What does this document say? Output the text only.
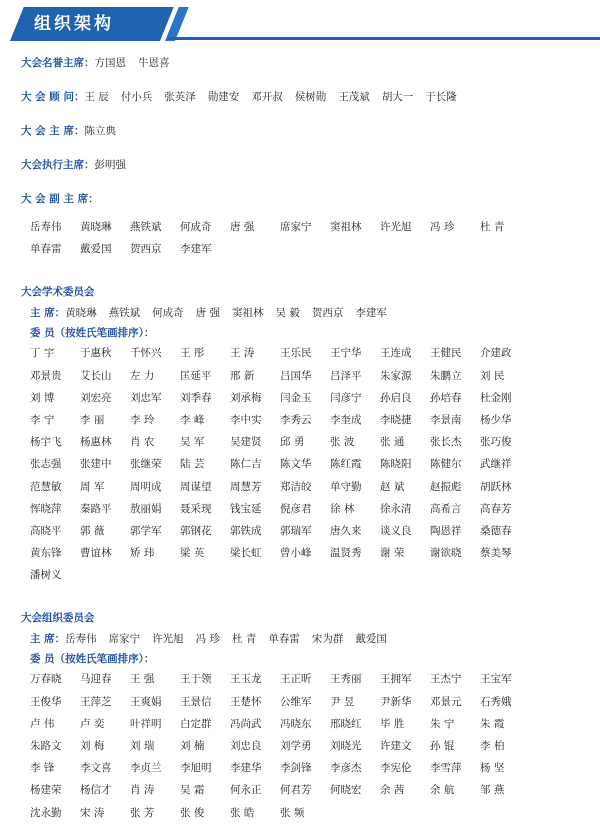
组织架构
大会名誉主席： 方国恩 牛恩喜
大 会 顾 问： 王 辰 付小兵 张英泽 勋建安 邓开叔 侯树勋 王茂斌 胡大一 于长隆
大 会 主 席： 陈立典
大会执行主席： 彭明强
大 会 副 主 席：
岳寿伟	黄晓琳	燕铁斌	何成奇	唐 强	席家宁	窦祖林	许光旭	冯 珍	杜 青
单春雷	戴爱国	贺西京	李建军
大会学术委员会
主 席： 黄晓琳 燕铁斌 何成奇 唐 强 窦祖林 吴 毅 贺西京 李建军
委 员（按姓氏笔画排序）：
丁 宇	于惠秋	千怀兴	王 彤	王 涛	王乐民	王宁华	王连成	王健民	介建政
邓景贵	艾长山	左 力	匡延平	邢 新	吕国华	吕泽平	朱家源	朱鹏立	刘 民
刘 博	刘宏亮	刘忠军	刘季春	刘承梅	闫金玉	闫彦宁	孙启良	孙培春	杜金刚
李 宁	李 丽	李 玲	李 峰	李中实	李秀云	李奎成	李晓捷	李景南	杨少华
杨宇飞	杨惠林	肖 农	吴 军	吴建贤	邱 勇	张 波	张 通	张长杰	张巧俊
张志强	张建中	张继荣	陆 芸	陈仁吉	陈文华	陈红霞	陈晓阳	陈健尔	武继祥
范慧敏	周 军	周明成	周谋望	周慧芳	郑洁皎	单守勤	赵 斌	赵振彪	胡跃林
恽晓萍	秦路平	敖丽娟	聂采现	钱宝延	倪彦君	徐 林	徐永清	高希言	高春芳
高晓平	郭 薇	郭学军	郭钢花	郭铁成	郭瑞军	唐久来	谈义良	陶恩祥	桑德春
黄东锋	曹谊林	矫 玮	梁 英	梁长虹	曾小峰	温贤秀	谢 荣	谢欲晓	蔡美琴
潘树义
大会组织委员会
主 席： 岳寿伟 席家宁 许光旭 冯 珍 杜 青 单春雷 宋为群 戴爱国
委 员（按姓氏笔画排序）：
万春晓	马迎春	王 强	王于领	王玉龙	王正昕	王秀丽	王拥军	王杰宁	王宝军
王俊华	王萍芝	王爽娟	王景信	王楚怀	公维军	尹 昱	尹新华	邓景元	石秀娥
卢 伟	卢 奕	叶祥明	白定群	冯尚武	冯晓东	邢晓红	毕 胜	朱 宁	朱 霞
朱路文	刘 梅	刘 瑞	刘 楠	刘忠良	刘学勇	刘晓光	许建文	孙 锟	李 柏
李 锋	李文喜	李贞兰	李旭明	李建华	李剑锋	李彦杰	李宪伦	李雪萍	杨 坚
杨建荣	杨信才	肖 涛	吴 霜	何永正	何君芳	何晓宏	余 茜	余 航	邹 燕
沈永勤	宋 涛	张 芳	张 俊	张 皓	张 频
